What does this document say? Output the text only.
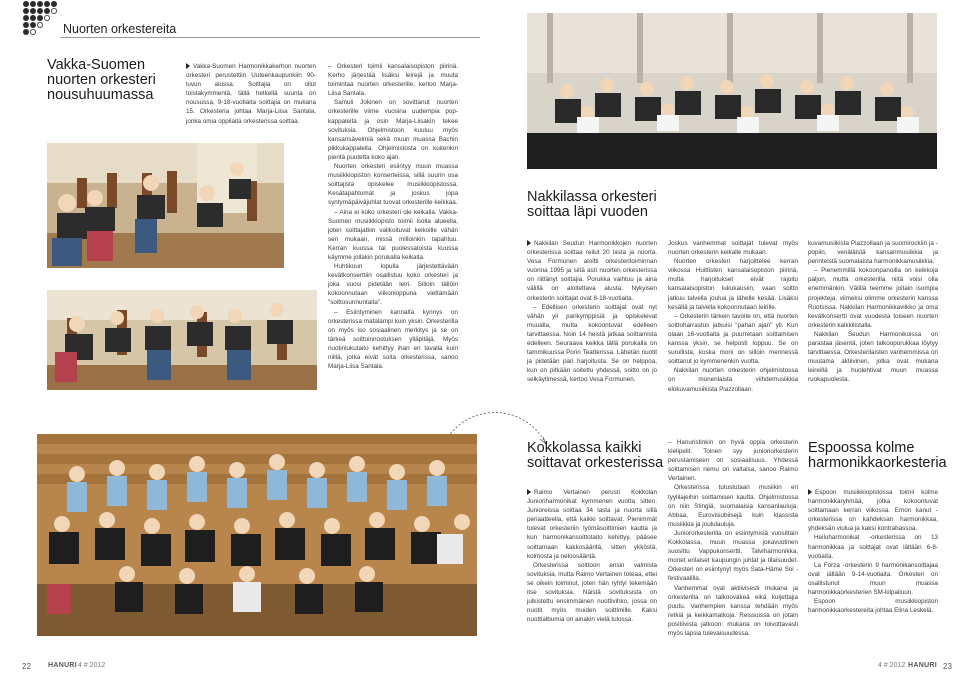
Nuorten orkestereita
Vakka-Suomen nuorten orkesteri nousuhuumassa
Vakka-Suomen Harmonikkakerhon nuorten orkesteri perustettiin Uuteenkaupunkiin 90-luvun alussa. Soittajia on ollut toistakymmentä, tällä hetkellä suunta on nousussa, 9-18-vuotiaita soittajia on mukana 15. Orkesteria johtaa Marja-Liisa Santala, jonka omia oppilaita orkesterissa soittaa.

– Orkesteri toimii kansalaisopiston piirinä. Kerho järjestää lisäksi leirejä ja muuta toimintaa nuorten orkesterille, kertoo Marja-Liisa Santala.

Samuli Jokinen on sovittanut nuorten orkesterille viime vuosina uudempia pop-kappaleita ja osin Marja-Liisakin tekee sovituksia. Ohjelmistoon kuuluu myös kansansävelmiä sekä muun muassa Bachin pikkukappaleita. Ohjelmistosta on kuitenkin pientä puutetta koko ajan.

Nuorten orkesteri esiintyy muun muassa musiikkiopiston konserteissa, sillä suurin osa soittajista opiskelee musiikkiopistossa. Kesätapahtumat ja joskus jopa syntymäpäiväjuhlat tuovat orkesterille keikkaa.

– Aina ei koko orkesteri ole keikalla. Vakka-Suomen musiikkiopisto toimii isolla alueella, joten soittajatkin valikoituvat keikoille vähän sen mukaan, missä milloinkin tapahtuu. Kerran kuussa tai puolessatoista kuussa käymme jollakin porukalla keikalla.

Huhtikuun lopulla järjestettävään kevätkonserttiin osallistuu koko orkesteri ja joka vuosi pidetään leiri. Silloin tällöin kokoonnutaan viikonloppuna viettämään "soittosunnuntaita".

– Esiintyminen kannalta kynnys on orkesterissa matalampi kuin yksin. Orkesterilla on myös iso sosiaalinen merkitys ja se on tärkeä soittoinnostuksen ylläpitäjä. Myös nuotinlukutaito kehittyy ihan eri tavalla kuin niillä, jotka eivät soita orkesterissa, sanoo Marja-Liisa Santala.

Kokkolassa kaikki soittavat orkesterissa

Raimo Vertainen perusti Kokkolan Junioriharmonikat kymmenen vuotta sitten. Junioreissa soittaa 34 lasta ja nuorta sillä periaatteella, että kaikki soittavat. Pienimmät tulevat orkesteriin lyömäsoittimien kautta ja kun harmonikansoittotaito kehittyy, pääsee soittamaan kakkosääntä, sitten ykköstä, kolmosta ja neloosääntä.

Orkesterissa soittoon ensin valmista sovituksia, mutta Raimo Vertainen toteaa, ettei se oikein toiminut, joten hän ryhtyi tekemään itse sovituksia. Näistä sovituksista on julkistettu ensimmäinen nuottivihko, jossa on nuotit myös muiden soittimille. Kaksi nuottialbumia on ainakin vielä tulossa.

– Hanuristinkin on hyvä oppia orkesterin kielipelit. Toinen syy junioriorkesterin perustamiseen on sosiaalisuus. Yhdessä soittamisen riemu on valtaisa, sanoo Raimo Vertainen.

Orkesterissa tutustutaan musiikin eri tyylilajeihin soittamisen kautta. Ohjelmistossa on niin Stingiä, suomalaisia kansanlauluja, Abbaa, Eurovisiubiisejä kuin klassista musiikkia ja joululauluja.

Juniororkesterilla on esiintymisiä vuosittain Kokkolassa, muun muassa jokavuotinen suosittu Vappukonsertti, Talviharmonikka, monet erilaiset kaupungin juhlat ja tilaisuudet. Orkesteri on esiintynyt myös Sata-Häme Soi -festivaalilla.

Vanhemmat ovat aktiivisesti mukana ja orkesterilla on talkooväkeä eikä kuljettajia puutu. Vanhempien kanssa tehdään myös retkiä ja keikkamatkoja. Reissuissa on jotain positiivista jatkoon: mukana on toivottavasti myös lapsia tulevaisuudessa.

Nakkilassa orkesteri soittaa läpi vuoden

Nakkilan Seudun Harmonikkojen nuorten orkesterissa soittaa reilut 20 lasta ja nuorta. Vesa Formunen aloitti orkesteritoiminnan vuonna 1995 ja siitä asti nuorten orkesterissa on riittänyt soittajia. Porukka vaihtuu ja aina välillä on aloitettava alusta. Nykyisen orkesterin soittajat ovat 8-18-vuotiaita.

– Edellisen orkesterin soittajat ovat nyt vähän yli parikymppisiä ja opiskelevat muualla, mutta kokoontuvat edelleen tarvittaessa. Noin 14 heistä jatkaa soittamista edelleen. Seuraava keikka tällä porukalla on tammikuussa Porin Teatterissa. Lähetän nuotit ja pidetään pari harjoitusta. Se on helppoa, kun on pitkään soitettu yhdessä, soitto on jo selkäytimessä, kertoo Vesa Formunen.

Joskus vanhemmat soittajat tulevat myös nuorten orkesterin keikalle mukaan.

Nuorten orkesteri harjoittelee kerran viikossa Huittisten kansalaisopiston piirinä, mutta harjoitukset eivät rajoitu kansalaisopiston lukukausiin, vaan soitto jatkuu talvella joulua ja lähelle kesää. Lisäksi kesällä ja talvella kokoonnutaan leirille.

– Orkesterin tärkein tavoite on, että nuorten soittoharrastus jatkuisi "pahan ajan" yli. Kun olaan 16-vuotiaita ja puurretaan soittamisen kanssa yksin, se helposti loppuu. Se on surullista, koska moni on silloin mennessä soittanut jo kymmenenkin vuotta.

Nakkilan nuorten orkesterin ohjelmistossa on monenlaista viihdemusiikkia elokuvamusiikista Piazzollaan.

kuvamusiikista Piazzollaan ja suomirockiin ja -popiin, venäläistä kansanmusiikkia ja perinteistä suomalaista harmonikkamusiikkia.

– Pienemmillä kokoonpanoilla on keikkoja paljon, mutta orkesterilla niitä voisi olla enemmänkin. Välillä teemme joitain isompia projekteja, viimeksi olimme orkesterin kanssa Ruotsissa. Nakkilan Harmonikkaviikko ja oma kevätkonsertti ovat vuodesta toiseen nuorten orkesterin kalkkilistalla.

Nakkilan Seudun Harmonikoissa on parastaa jäsentä, joten talkooporukkaa löytyy tarvittaessa. Orkesterilaisten vanhemmissa on muutama aktiivinen, jotka ovat mukana leireillä ja huolehtivat muun muassa ruokapuolesta.

Espoossa kolme harmonikkaorkesteria

Espoon musiikkiopistossa toimii kolme harmonikkaryhmää, jotka kokoontuvat soittamaan kerran viikossa. Emon kanut -orkesterissa on kahdeksan harmonikkaa, yhdeksän viulua ja kaksi kontrabassoa.

Heiluharmonikat -orkesterissa on 13 harmonikkaa ja soittajat ovat iältään 6-8-vuotiaita.

La Forza -orkesterin 9 harmonikansoittajaa ovat iältään 9-14-vuotiaita. Orkesteri on osallistunut muun muassa harmonikkaorkesterien SM-kilpailuun.

Espoon musiikkiopiston harmonikkaorkestereita johtaa Elina Leskelä.

22 HANURI 4 # 2012	4 # 2012 HANURI 23
